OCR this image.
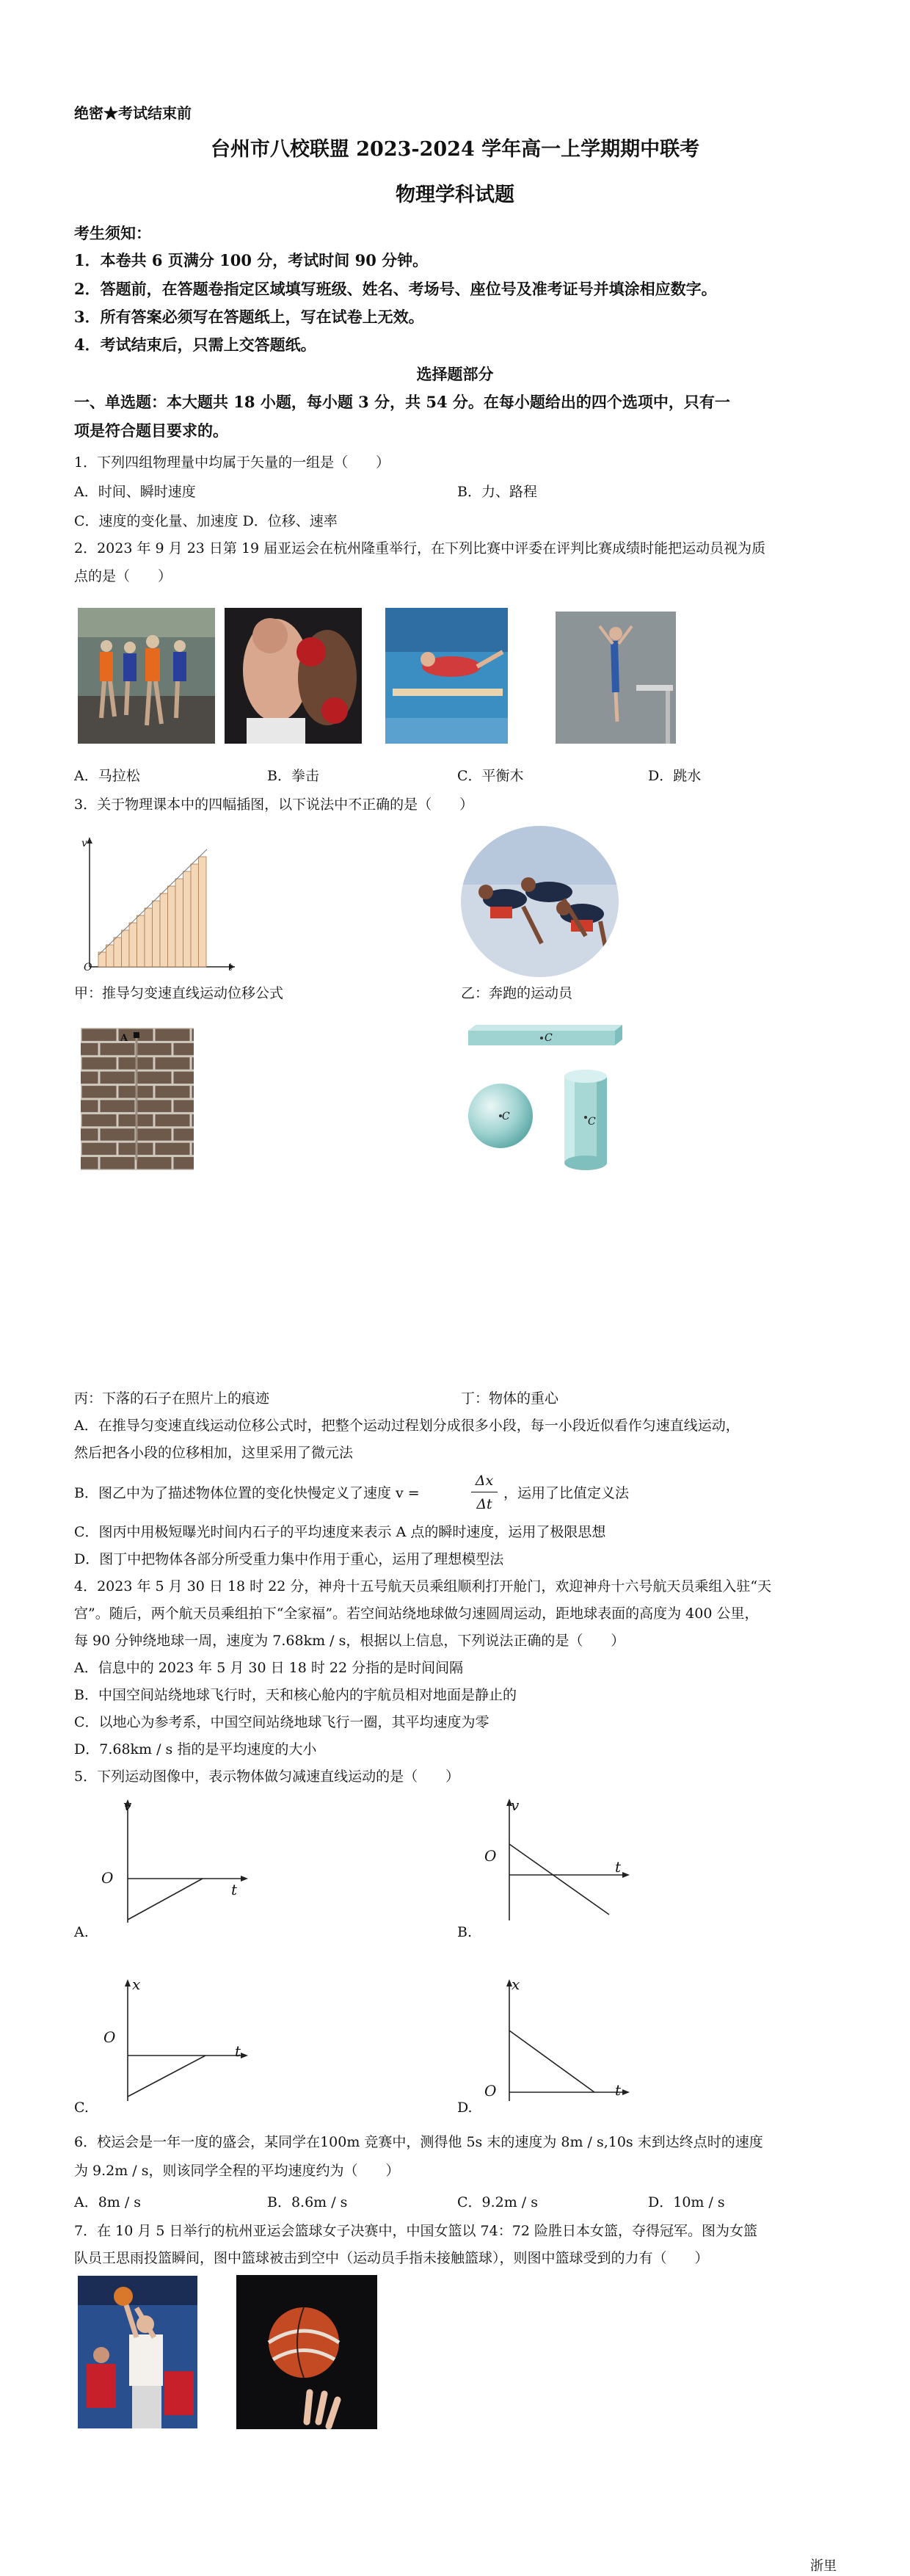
绝密★考试结束前
台州市八校联盟 2023-2024 学年高一上学期期中联考
物理学科试题
考生须知：
1．本卷共 6 页满分 100 分，考试时间 90 分钟。
2．答题前，在答题卷指定区域填写班级、姓名、考场号、座位号及准考证号并填涂相应数字。
3．所有答案必须写在答题纸上，写在试卷上无效。
4．考试结束后，只需上交答题纸。
选择题部分
一、单选题：本大题共 18 小题，每小题 3 分，共 54 分。在每小题给出的四个选项中，只有一
项是符合题目要求的。
1．下列四组物理量中均属于矢量的一组是（　　）
A．时间、瞬时速度	B．力、路程
C．速度的变化量、加速度 D．位移、速率
2．2023 年 9 月 23 日第 19 届亚运会在杭州隆重举行，在下列比赛中评委在评判比赛成绩时能把运动员视为质
点的是（　　）
A．马拉松	B．拳击	C．平衡木	D．跳水
3．关于物理课本中的四幅插图，以下说法中不正确的是（　　）
v
O	t
甲：推导匀变速直线运动位移公式	乙：奔跑的运动员
A	C
C	C
丙：下落的石子在照片上的痕迹	丁：物体的重心
A．在推导匀变速直线运动位移公式时，把整个运动过程划分成很多小段，每一小段近似看作匀速直线运动，
然后把各小段的位移相加，这里采用了微元法
B．图乙中为了描述物体位置的变化快慢定义了速度 v =
Δx
Δt
，运用了比值定义法
C．图丙中用极短曝光时间内石子的平均速度来表示 A 点的瞬时速度，运用了极限思想
D．图丁中把物体各部分所受重力集中作用于重心，运用了理想模型法
4．2023 年 5 月 30 日 18 时 22 分，神舟十五号航天员乘组顺利打开舱门，欢迎神舟十六号航天员乘组入驻“天
宫”。随后，两个航天员乘组拍下“全家福”。若空间站绕地球做匀速圆周运动，距地球表面的高度为 400 公里，
每 90 分钟绕地球一周，速度为 7.68km / s，根据以上信息，下列说法正确的是（　　）
A．信息中的 2023 年 5 月 30 日 18 时 22 分指的是时间间隔
B．中国空间站绕地球飞行时，天和核心舱内的宇航员相对地面是静止的
C．以地心为参考系，中国空间站绕地球飞行一圈，其平均速度为零
D．7.68km / s 指的是平均速度的大小
5．下列运动图像中，表示物体做匀减速直线运动的是（　　）
v
O
t
A.
v
O
t
B.
x
O
t
C.
x
O	t
D.
6．校运会是一年一度的盛会，某同学在100m 竞赛中，测得他 5s 末的速度为 8m / s,10s 末到达终点时的速度
为 9.2m / s，则该同学全程的平均速度约为（　　）
A．8m / s	B．8.6m / s	C．9.2m / s	D．10m / s
7．在 10 月 5 日举行的杭州亚运会篮球女子决赛中，中国女篮以 74：72 险胜日本女篮，夺得冠军。图为女篮
队员王思雨投篮瞬间，图中篮球被击到空中（运动员手指未接触篮球），则图中篮球受到的力有（　　）
浙里
